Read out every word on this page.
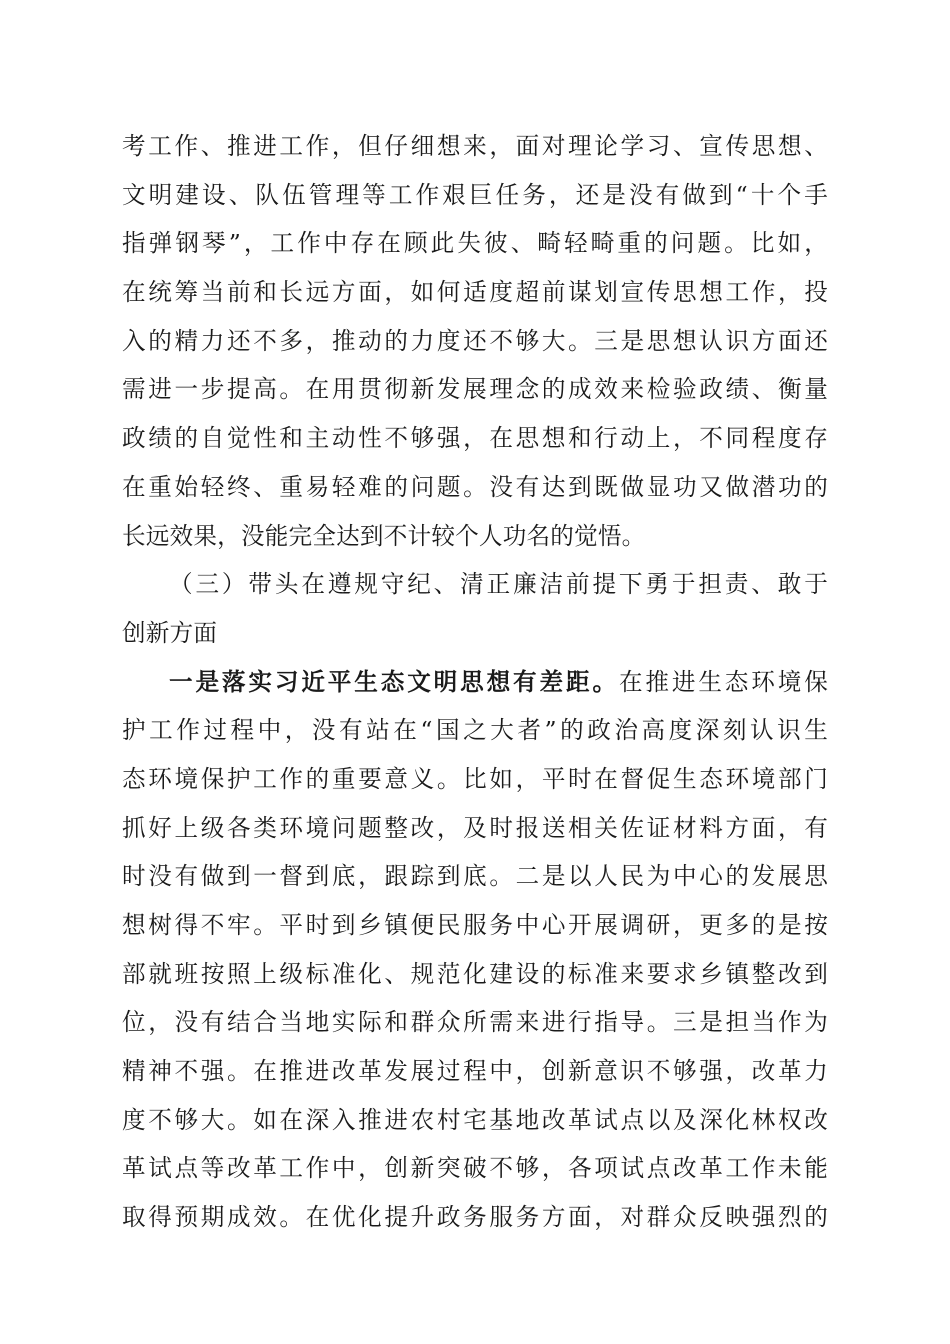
考工作、推进工作，但仔细想来，面对理论学习、宣传思想、
文明建设、队伍管理等工作艰巨任务，还是没有做到“十个手
指弹钢琴”，工作中存在顾此失彼、畸轻畸重的问题。比如，
在统筹当前和长远方面，如何适度超前谋划宣传思想工作，投
入的精力还不多，推动的力度还不够大。三是思想认识方面还
需进一步提高。在用贯彻新发展理念的成效来检验政绩、衡量
政绩的自觉性和主动性不够强，在思想和行动上，不同程度存
在重始轻终、重易轻难的问题。没有达到既做显功又做潜功的
长远效果，没能完全达到不计较个人功名的觉悟。
（三）带头在遵规守纪、清正廉洁前提下勇于担责、敢于
创新方面
一是落实习近平生态文明思想有差距。在推进生态环境保
护工作过程中，没有站在“国之大者”的政治高度深刻认识生
态环境保护工作的重要意义。比如，平时在督促生态环境部门
抓好上级各类环境问题整改，及时报送相关佐证材料方面，有
时没有做到一督到底，跟踪到底。二是以人民为中心的发展思
想树得不牢。平时到乡镇便民服务中心开展调研，更多的是按
部就班按照上级标准化、规范化建设的标准来要求乡镇整改到
位，没有结合当地实际和群众所需来进行指导。三是担当作为
精神不强。在推进改革发展过程中，创新意识不够强，改革力
度不够大。如在深入推进农村宅基地改革试点以及深化林权改
革试点等改革工作中，创新突破不够，各项试点改革工作未能
取得预期成效。在优化提升政务服务方面，对群众反映强烈的
